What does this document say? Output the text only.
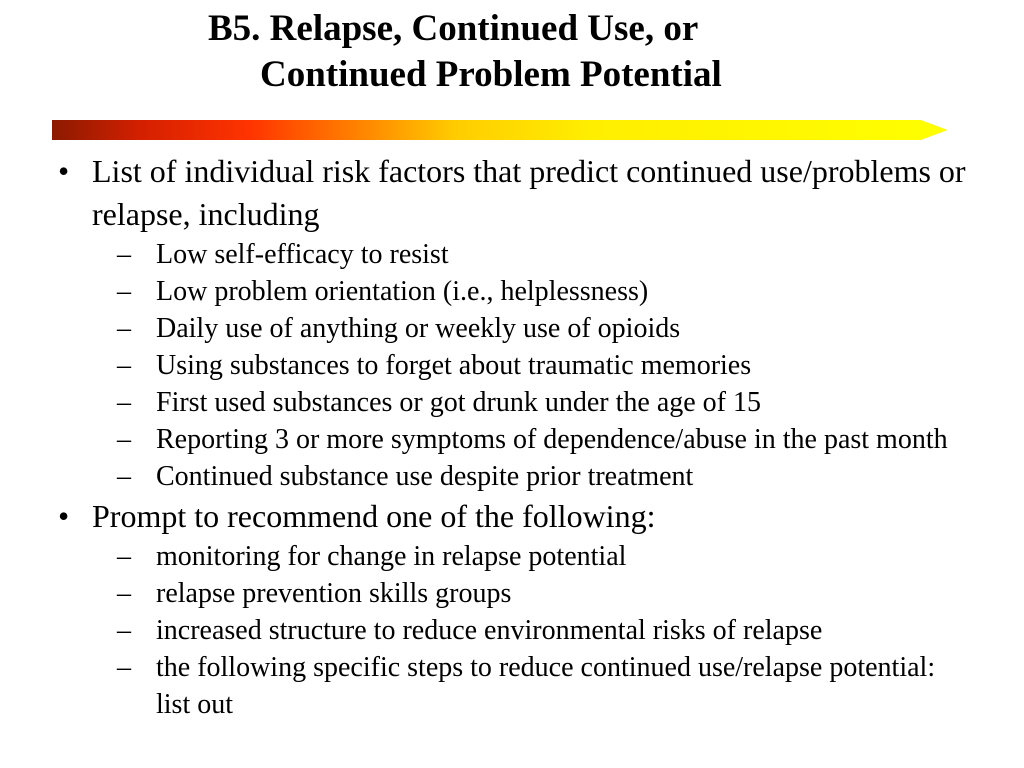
B5. Relapse, Continued Use, or
Continued Problem Potential
• List of individual risk factors that predict continued use/problems or relapse, including
– Low self-efficacy to resist
– Low problem orientation (i.e., helplessness)
– Daily use of anything or weekly use of opioids
– Using substances to forget about traumatic memories
– First used substances or got drunk under the age of 15
– Reporting 3 or more symptoms of dependence/abuse in the past month
– Continued substance use despite prior treatment
• Prompt to recommend one of the following:
– monitoring for change in relapse potential
– relapse prevention skills groups
– increased structure to reduce environmental risks of relapse
– the following specific steps to reduce continued use/relapse potential: list out
